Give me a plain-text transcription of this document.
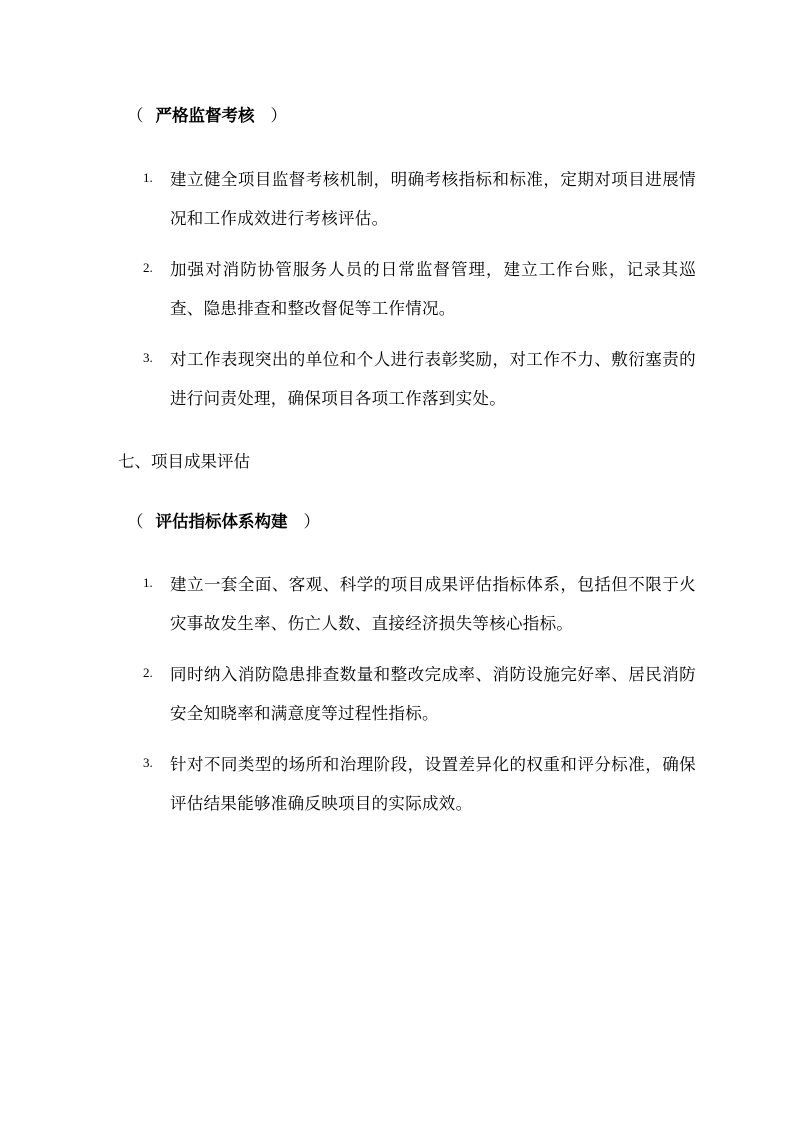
（ 严格监督考核 ）
1. 建立健全项目监督考核机制，明确考核指标和标准，定期对项目进展情况和工作成效进行考核评估。
2. 加强对消防协管服务人员的日常监督管理，建立工作台账，记录其巡查、隐患排查和整改督促等工作情况。
3. 对工作表现突出的单位和个人进行表彰奖励，对工作不力、敷衍塞责的进行问责处理，确保项目各项工作落到实处。
七、项目成果评估
（ 评估指标体系构建 ）
1. 建立一套全面、客观、科学的项目成果评估指标体系，包括但不限于火灾事故发生率、伤亡人数、直接经济损失等核心指标。
2. 同时纳入消防隐患排查数量和整改完成率、消防设施完好率、居民消防安全知晓率和满意度等过程性指标。
3. 针对不同类型的场所和治理阶段，设置差异化的权重和评分标准，确保评估结果能够准确反映项目的实际成效。
